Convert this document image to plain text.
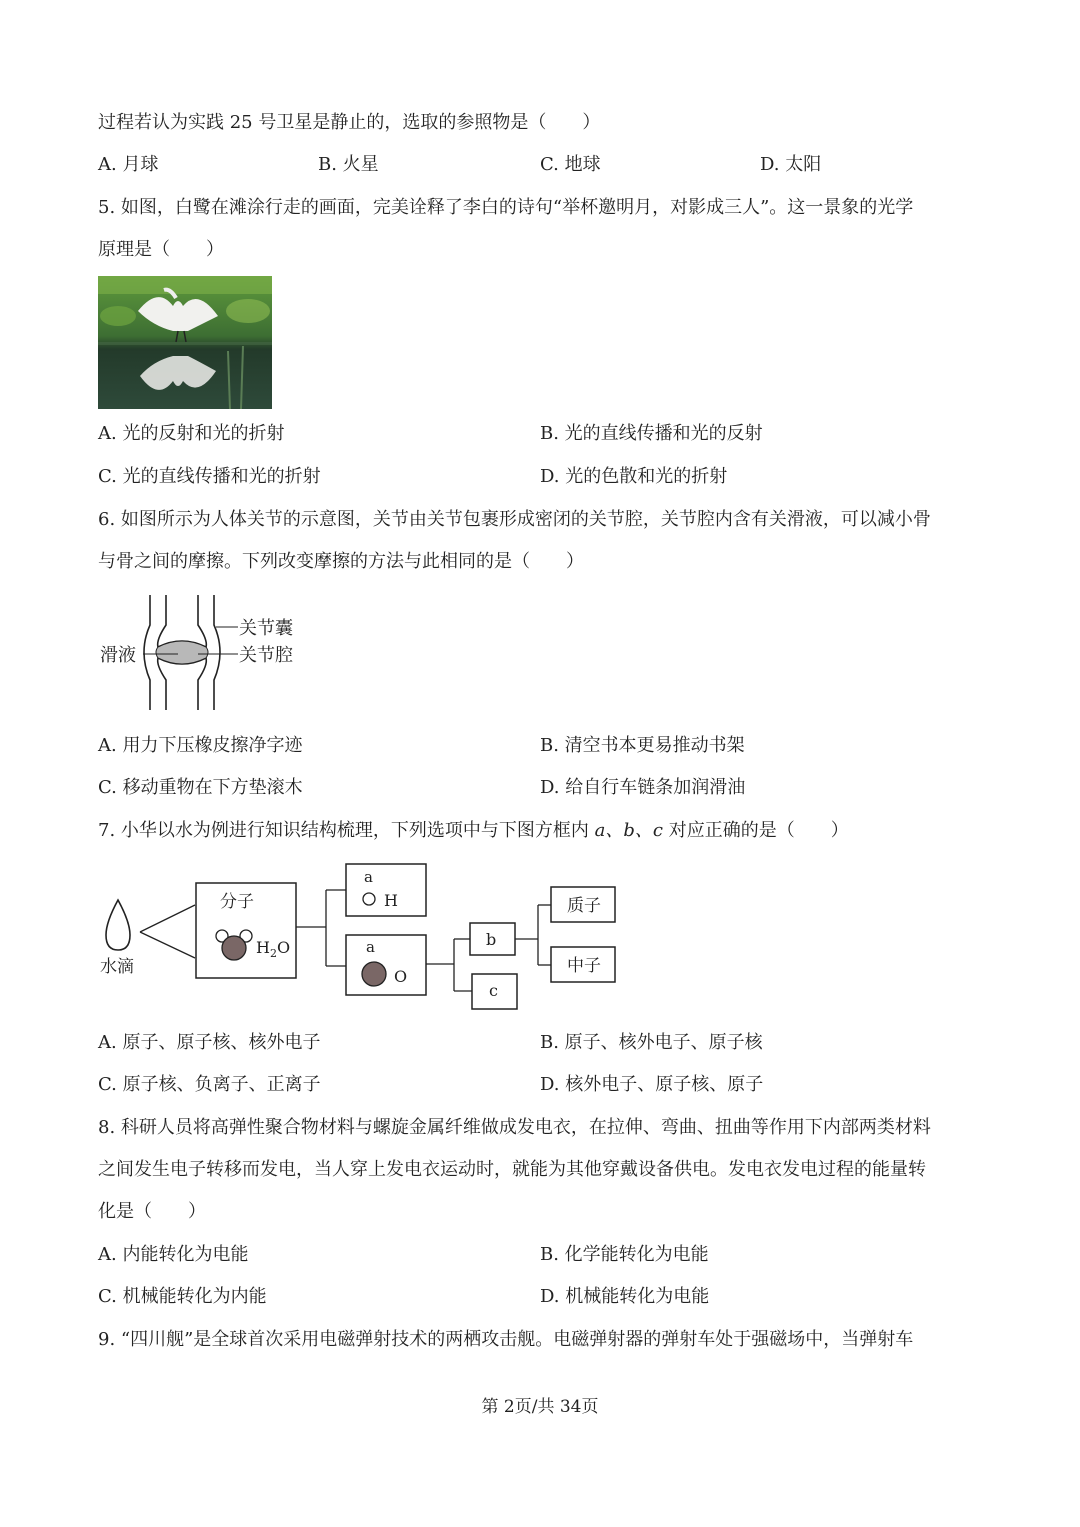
过程若认为实践 25 号卫星是静止的，选取的参照物是（　　）
A. 月球	B. 火星	C. 地球	D. 太阳
5. 如图，白鹭在滩涂行走的画面，完美诠释了李白的诗句“举杯邀明月，对影成三人”。这一景象的光学
原理是（　　）
A. 光的反射和光的折射	B. 光的直线传播和光的反射
C. 光的直线传播和光的折射	D. 光的色散和光的折射
6. 如图所示为人体关节的示意图，关节由关节包裹形成密闭的关节腔，关节腔内含有关滑液，可以减小骨
与骨之间的摩擦。下列改变摩擦的方法与此相同的是（　　）
关节囊
滑液	关节腔
A. 用力下压橡皮擦净字迹	B. 清空书本更易推动书架
C. 移动重物在下方垫滚木	D. 给自行车链条加润滑油
7. 小华以水为例进行知识结构梳理，下列选项中与下图方框内 a、b、c 对应正确的是（　　）
水滴
分子
$H_2O$
a
H
a
O
b
c
质子
中子
A. 原子、原子核、核外电子	B. 原子、核外电子、原子核
C. 原子核、负离子、正离子	D. 核外电子、原子核、原子
8. 科研人员将高弹性聚合物材料与螺旋金属纤维做成发电衣，在拉伸、弯曲、扭曲等作用下内部两类材料
之间发生电子转移而发电，当人穿上发电衣运动时，就能为其他穿戴设备供电。发电衣发电过程的能量转
化是（　　）
A. 内能转化为电能	B. 化学能转化为电能
C. 机械能转化为内能	D. 机械能转化为电能
9. “四川舰”是全球首次采用电磁弹射技术的两栖攻击舰。电磁弹射器的弹射车处于强磁场中，当弹射车
第 2页/共 34页
